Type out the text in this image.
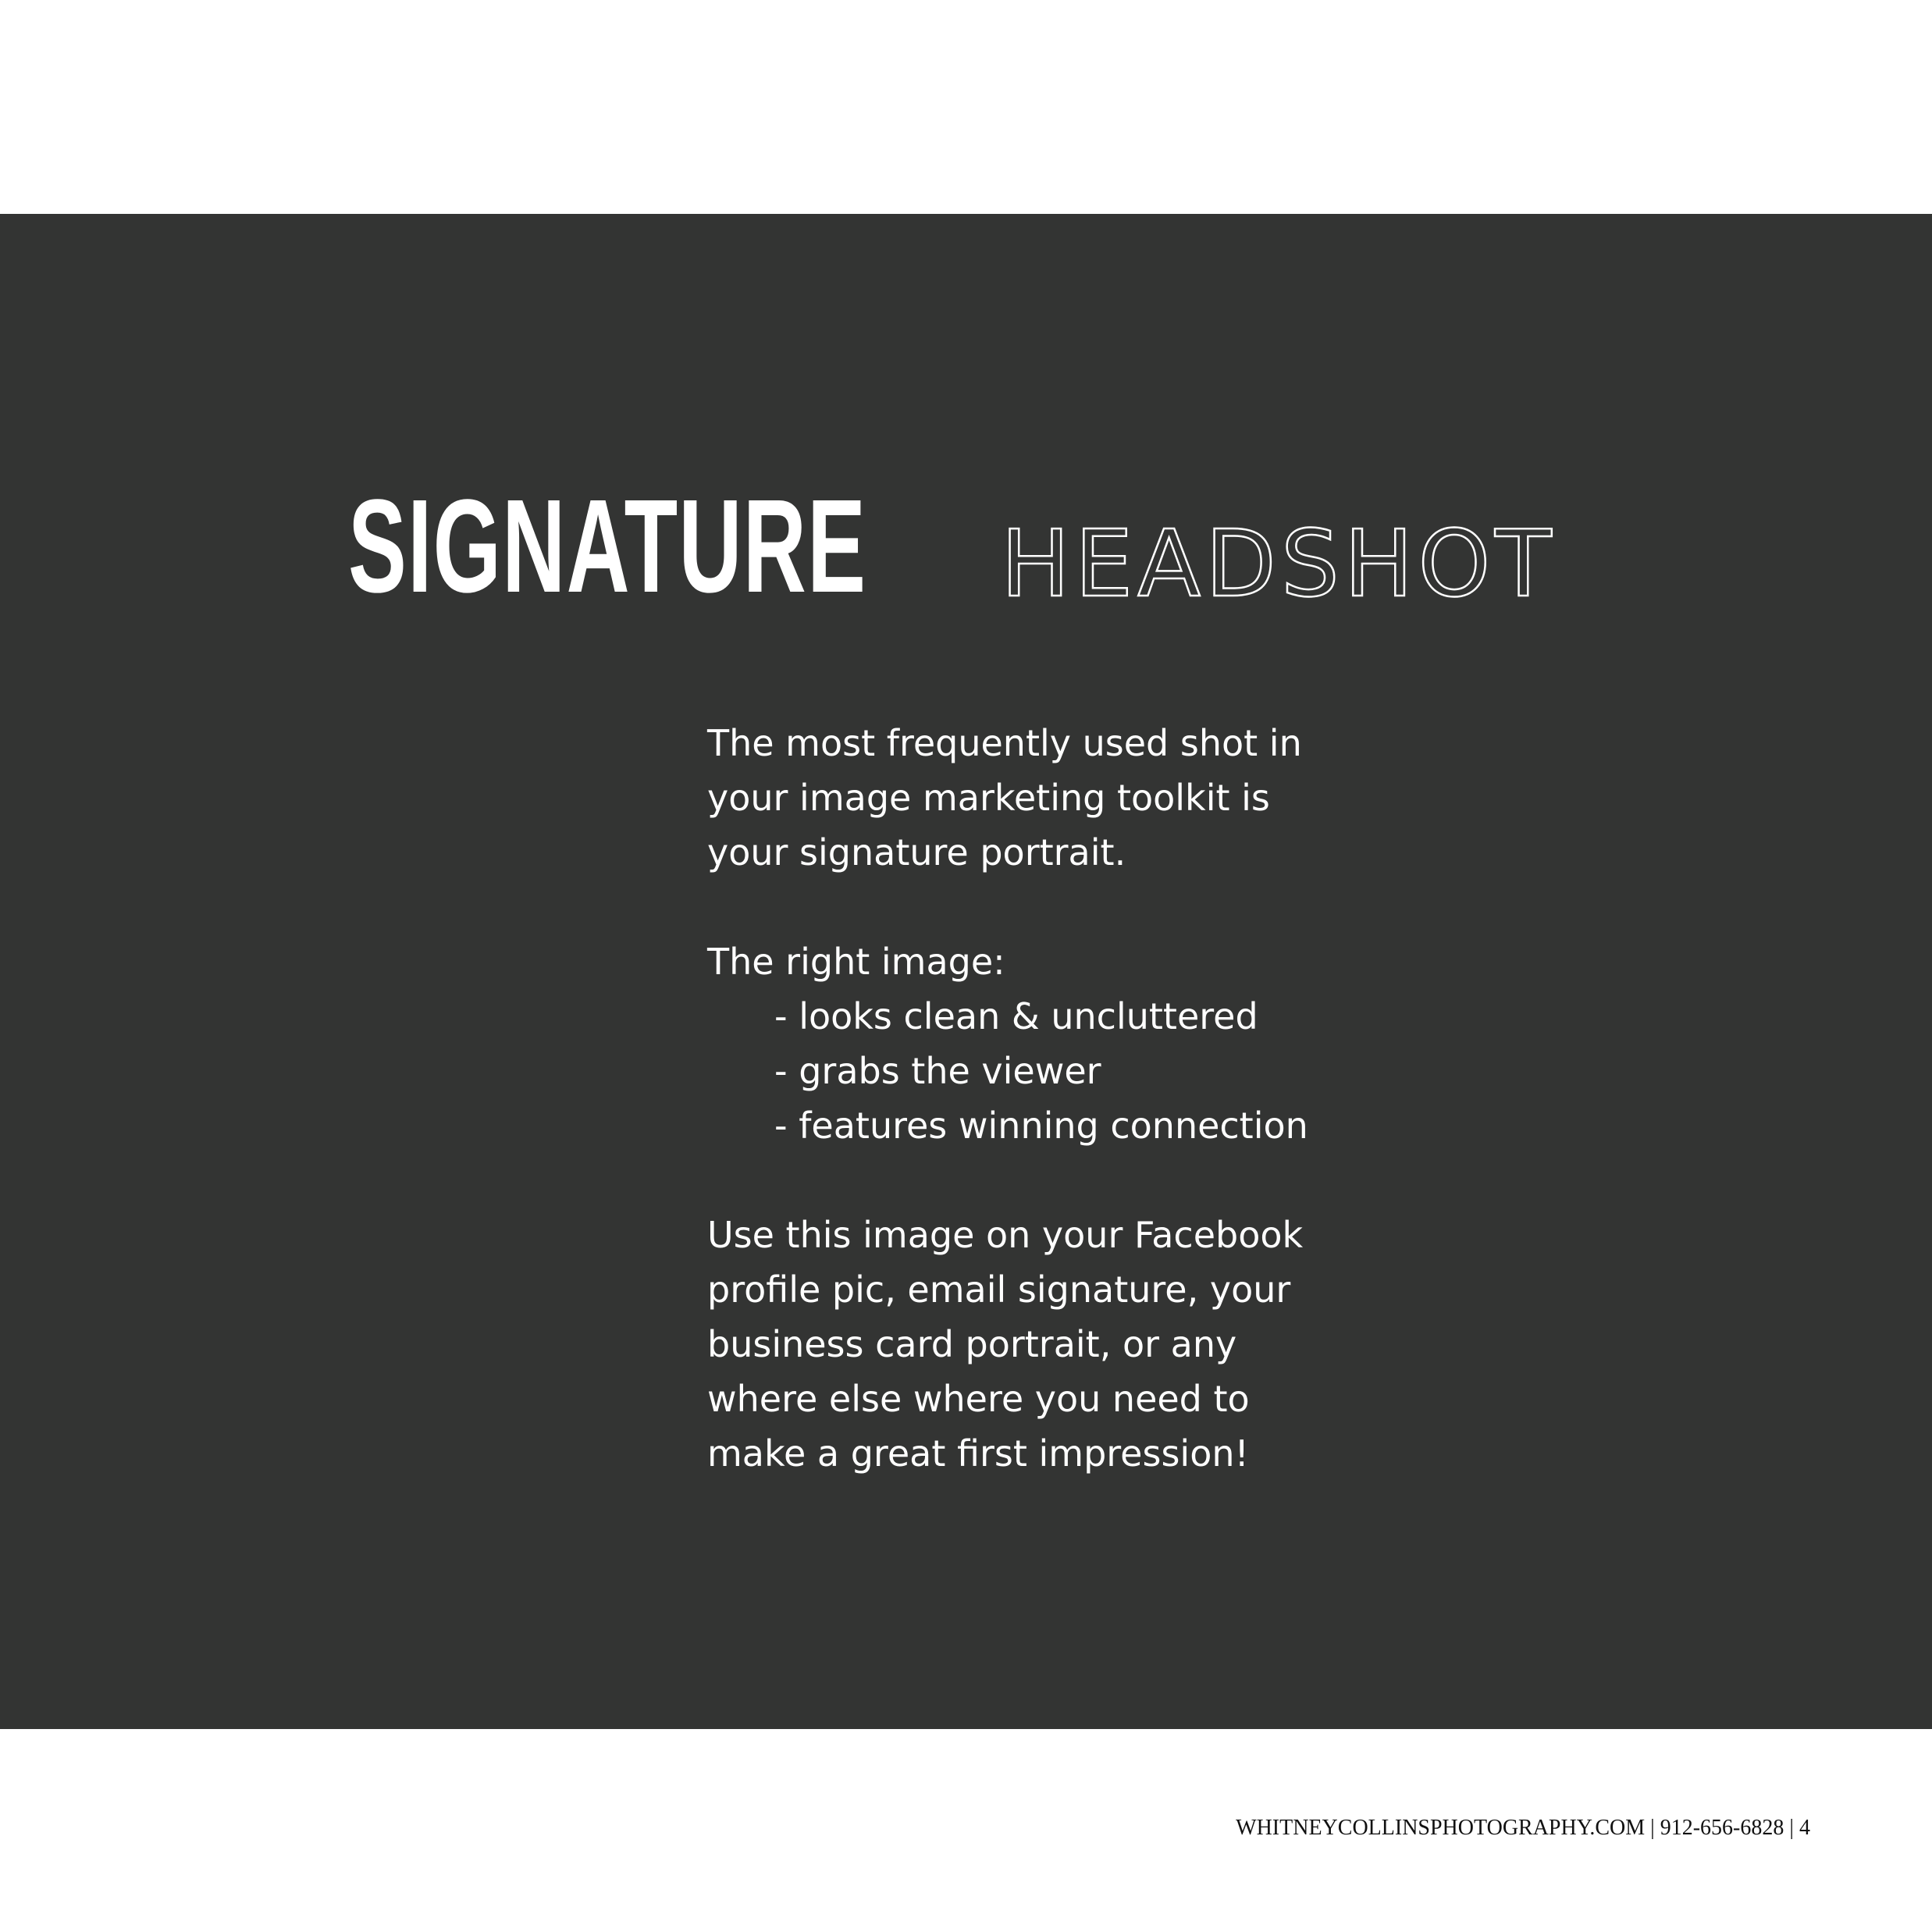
SIGNATURE HEADSHOT
The most frequently used shot in
your image marketing toolkit is
your signature portrait.
The right image:
- looks clean & uncluttered
- grabs the viewer
- features winning connection
Use this image on your Facebook
profile pic, email signature, your
business card portrait, or any
where else where you need to
make a great first impression!
WHITNEYCOLLINSPHOTOGRAPHY.COM | 912-656-6828 | 4
